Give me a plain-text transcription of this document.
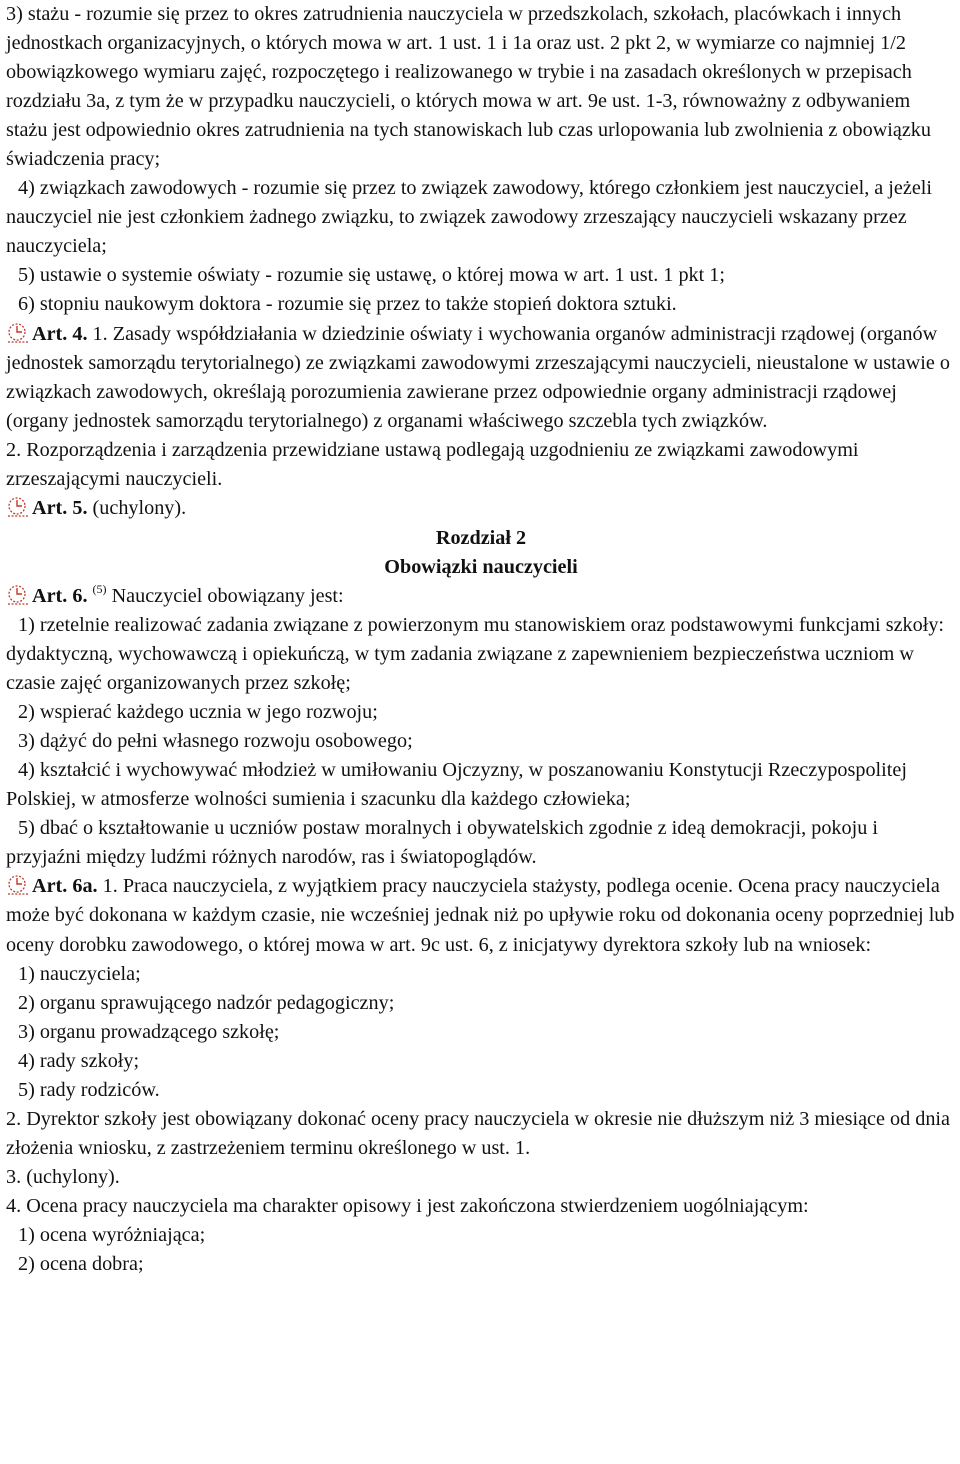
3) stażu - rozumie się przez to okres zatrudnienia nauczyciela w przedszkolach, szkołach, placówkach i innych jednostkach organizacyjnych, o których mowa w art. 1 ust. 1 i 1a oraz ust. 2 pkt 2, w wymiarze co najmniej 1/2 obowiązkowego wymiaru zajęć, rozpoczętego i realizowanego w trybie i na zasadach określonych w przepisach rozdziału 3a, z tym że w przypadku nauczycieli, o których mowa w art. 9e ust. 1-3, równoważny z odbywaniem stażu jest odpowiednio okres zatrudnienia na tych stanowiskach lub czas urlopowania lub zwolnienia z obowiązku świadczenia pracy;

4) związkach zawodowych - rozumie się przez to związek zawodowy, którego członkiem jest nauczyciel, a jeżeli nauczyciel nie jest członkiem żadnego związku, to związek zawodowy zrzeszający nauczycieli wskazany przez nauczyciela;

5) ustawie o systemie oświaty - rozumie się ustawę, o której mowa w art. 1 ust. 1 pkt 1;

6) stopniu naukowym doktora - rozumie się przez to także stopień doktora sztuki.

Art. 4. 1. Zasady współdziałania w dziedzinie oświaty i wychowania organów administracji rządowej (organów jednostek samorządu terytorialnego) ze związkami zawodowymi zrzeszającymi nauczycieli, nieustalone w ustawie o związkach zawodowych, określają porozumienia zawierane przez odpowiednie organy administracji rządowej (organy jednostek samorządu terytorialnego) z organami właściwego szczebla tych związków.

2. Rozporządzenia i zarządzenia przewidziane ustawą podlegają uzgodnieniu ze związkami zawodowymi zrzeszającymi nauczycieli.

Art. 5. (uchylony).

Rozdział 2

Obowiązki nauczycieli

Art. 6. $^{(5)}$ Nauczyciel obowiązany jest:

1) rzetelnie realizować zadania związane z powierzonym mu stanowiskiem oraz podstawowymi funkcjami szkoły: dydaktyczną, wychowawczą i opiekuńczą, w tym zadania związane z zapewnieniem bezpieczeństwa uczniom w czasie zajęć organizowanych przez szkołę;

2) wspierać każdego ucznia w jego rozwoju;

3) dążyć do pełni własnego rozwoju osobowego;

4) kształcić i wychowywać młodzież w umiłowaniu Ojczyzny, w poszanowaniu Konstytucji Rzeczypospolitej Polskiej, w atmosferze wolności sumienia i szacunku dla każdego człowieka;

5) dbać o kształtowanie u uczniów postaw moralnych i obywatelskich zgodnie z ideą demokracji, pokoju i przyjaźni między ludźmi różnych narodów, ras i światopoglądów.

Art. 6a. 1. Praca nauczyciela, z wyjątkiem pracy nauczyciela stażysty, podlega ocenie. Ocena pracy nauczyciela może być dokonana w każdym czasie, nie wcześniej jednak niż po upływie roku od dokonania oceny poprzedniej lub oceny dorobku zawodowego, o której mowa w art. 9c ust. 6, z inicjatywy dyrektora szkoły lub na wniosek:

1) nauczyciela;

2) organu sprawującego nadzór pedagogiczny;

3) organu prowadzącego szkołę;

4) rady szkoły;

5) rady rodziców.

2. Dyrektor szkoły jest obowiązany dokonać oceny pracy nauczyciela w okresie nie dłuższym niż 3 miesiące od dnia złożenia wniosku, z zastrzeżeniem terminu określonego w ust. 1.

3. (uchylony).

4. Ocena pracy nauczyciela ma charakter opisowy i jest zakończona stwierdzeniem uogólniającym:

1) ocena wyróżniająca;

2) ocena dobra;
